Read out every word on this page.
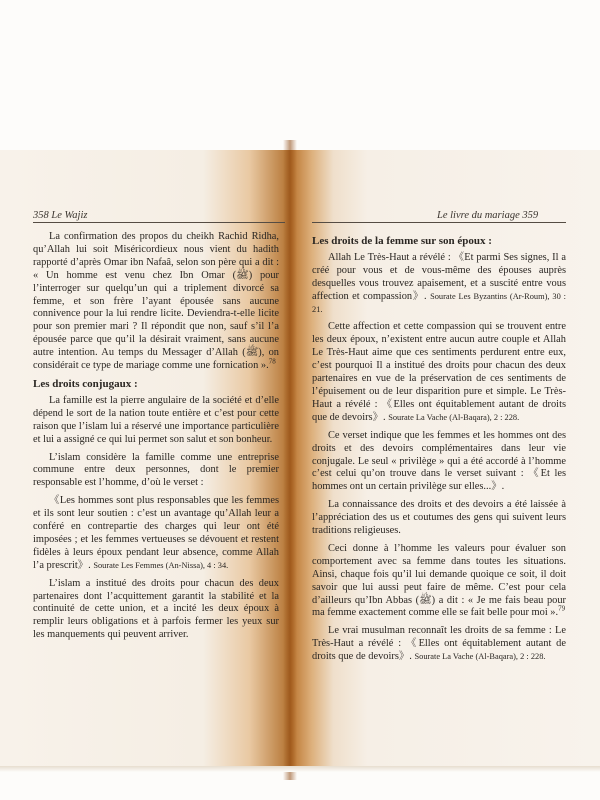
358 Le Wajiz	Le livre du mariage 359

La confirmation des propos du cheikh Rachid Ridha, qu’Allah lui soit Miséricordieux nous vient du hadith rapporté d’après Omar ibn Nafaâ, selon son père qui a dit : « Un homme est venu chez Ibn Omar (ﷺ) pour l’interroger sur quelqu’un qui a triplement divorcé sa femme, et son frère l’ayant épousée sans aucune connivence pour la lui rendre licite. Deviendra-t-elle licite pour son premier mari ? Il répondit que non, sauf s’il l’a épousée parce que qu’il la désirait vraiment, sans aucune autre intention. Au temps du Messager d’Allah (ﷺ), on considérait ce type de mariage comme une fornication ».$^{78}$

Les droits conjugaux :

La famille est la pierre angulaire de la société et d’elle dépend le sort de la nation toute entière et c’est pour cette raison que l’islam lui a réservé une importance particulière et lui a assigné ce qui lui permet son salut et son bonheur.

L’islam considère la famille comme une entreprise commune entre deux personnes, dont le premier responsable est l’homme, d’où le verset :

《Les hommes sont plus responsables que les femmes et ils sont leur soutien : c’est un avantage qu’Allah leur a conféré en contrepartie des charges qui leur ont été imposées ; et les femmes vertueuses se dévouent et restent fidèles à leurs époux pendant leur absence, comme Allah l’a prescrit》. Sourate Les Femmes (An-Nissa), 4 : 34.

L’islam a institué des droits pour chacun des deux partenaires dont l’acquittement garantit la stabilité et la continuité de cette union, et a incité les deux époux à remplir leurs obligations et à parfois fermer les yeux sur les manquements qui peuvent arriver.

Les droits de la femme sur son époux :

Allah Le Très-Haut a révélé : 《Et parmi Ses signes, Il a créé pour vous et de vous-même des épouses auprès desquelles vous trouvez apaisement, et a suscité entre vous affection et compassion》. Sourate Les Byzantins (Ar-Roum), 30 : 21.

Cette affection et cette compassion qui se trouvent entre les deux époux, n’existent entre aucun autre couple et Allah Le Très-Haut aime que ces sentiments perdurent entre eux, c’est pourquoi Il a institué des droits pour chacun des deux partenaires en vue de la préservation de ces sentiments de l’épuisement ou de leur disparition pure et simple. Le Très-Haut a révélé : 《Elles ont équitablement autant de droits que de devoirs》. Sourate La Vache (Al-Baqara), 2 : 228.

Ce verset indique que les femmes et les hommes ont des droits et des devoirs complémentaires dans leur vie conjugale. Le seul « privilège » qui a été accordé à l’homme c’est celui qu’on trouve dans le verset suivant : 《Et les hommes ont un certain privilège sur elles...》.

La connaissance des droits et des devoirs a été laissée à l’appréciation des us et coutumes des gens qui suivent leurs traditions religieuses.

Ceci donne à l’homme les valeurs pour évaluer son comportement avec sa femme dans toutes les situations. Ainsi, chaque fois qu’il lui demande quoique ce soit, il doit savoir que lui aussi peut faire de même. C’est pour cela d’ailleurs qu’Ibn Abbas (ﷺ) a dit : « Je me fais beau pour ma femme exactement comme elle se fait belle pour moi ».$^{79}$

Le vrai musulman reconnaît les droits de sa femme : Le Très-Haut a révélé : 《Elles ont équitablement autant de droits que de devoirs》. Sourate La Vache (Al-Baqara), 2 : 228.
